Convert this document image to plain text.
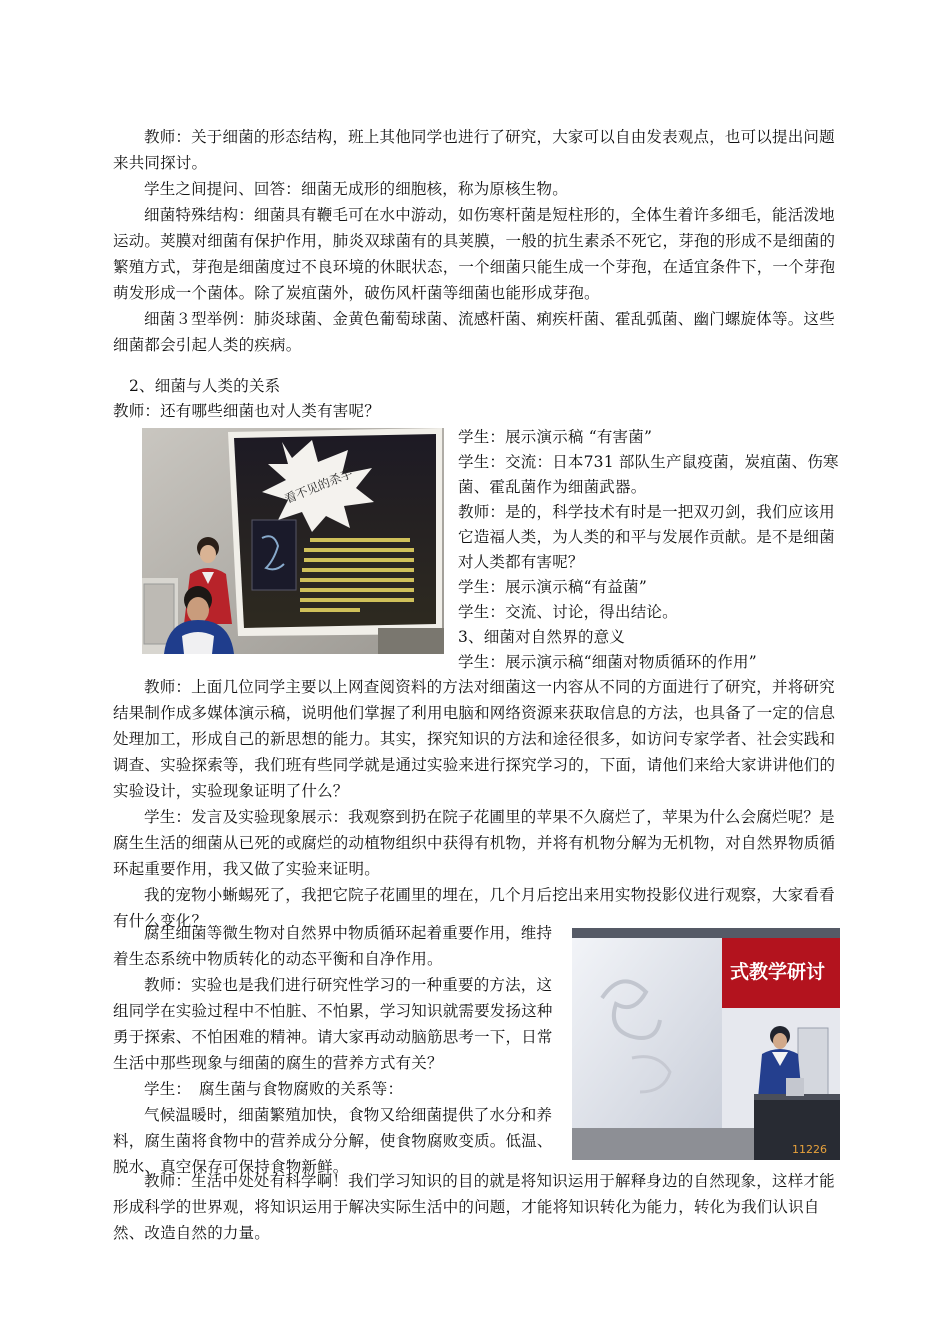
教师：关于细菌的形态结构，班上其他同学也进行了研究，大家可以自由发表观点，也可以提出问题来共同探讨。

学生之间提问、回答：细菌无成形的细胞核，称为原核生物。

细菌特殊结构：细菌具有鞭毛可在水中游动，如伤寒杆菌是短柱形的，全体生着许多细毛，能活泼地运动。荚膜对细菌有保护作用，肺炎双球菌有的具荚膜，一般的抗生素杀不死它，芽孢的形成不是细菌的繁殖方式，芽孢是细菌度过不良环境的休眠状态，一个细菌只能生成一个芽孢，在适宜条件下，一个芽孢萌发形成一个菌体。除了炭疽菌外，破伤风杆菌等细菌也能形成芽孢。

细菌３型举例：肺炎球菌、金黄色葡萄球菌、流感杆菌、痢疾杆菌、霍乱弧菌、幽门螺旋体等。这些细菌都会引起人类的疾病。

2、细菌与人类的关系

教师：还有哪些细菌也对人类有害呢？

看不见的杀手

学生：展示演示稿 “有害菌”

学生：交流：日本731 部队生产鼠疫菌，炭疽菌、伤寒菌、霍乱菌作为细菌武器。

教师：是的，科学技术有时是一把双刃剑，我们应该用它造福人类，为人类的和平与发展作贡献。是不是细菌对人类都有害呢？

学生：展示演示稿“有益菌”

学生：交流、讨论，得出结论。

3、细菌对自然界的意义

学生：展示演示稿“细菌对物质循环的作用”

教师：上面几位同学主要以上网查阅资料的方法对细菌这一内容从不同的方面进行了研究，并将研究结果制作成多媒体演示稿，说明他们掌握了利用电脑和网络资源来获取信息的方法，也具备了一定的信息处理加工，形成自己的新思想的能力。其实，探究知识的方法和途径很多，如访问专家学者、社会实践和调查、实验探索等，我们班有些同学就是通过实验来进行探究学习的，下面，请他们来给大家讲讲他们的实验设计，实验现象证明了什么？

学生：发言及实验现象展示：我观察到扔在院子花圃里的苹果不久腐烂了，苹果为什么会腐烂呢？是腐生生活的细菌从已死的或腐烂的动植物组织中获得有机物，并将有机物分解为无机物，对自然界物质循环起重要作用，我又做了实验来证明。

我的宠物小蜥蜴死了，我把它院子花圃里的埋在，几个月后挖出来用实物投影仪进行观察，大家看看有什么变化？

腐生细菌等微生物对自然界中物质循环起着重要作用，维持着生态系统中物质转化的动态平衡和自净作用。

教师：实验也是我们进行研究性学习的一种重要的方法，这组同学在实验过程中不怕脏、不怕累，学习知识就需要发扬这种勇于探索、不怕困难的精神。请大家再动动脑筋思考一下，日常生活中那些现象与细菌的腐生的营养方式有关？

学生：　腐生菌与食物腐败的关系等：

气候温暖时，细菌繁殖加快，食物又给细菌提供了水分和养料，腐生菌将食物中的营养成分分解，使食物腐败变质。低温、脱水、真空保存可保持食物新鲜。

式教学研讨
11226

教师：生活中处处有科学啊！我们学习知识的目的就是将知识运用于解释身边的自然现象，这样才能形成科学的世界观，将知识运用于解决实际生活中的问题，才能将知识转化为能力，转化为我们认识自然、改造自然的力量。
